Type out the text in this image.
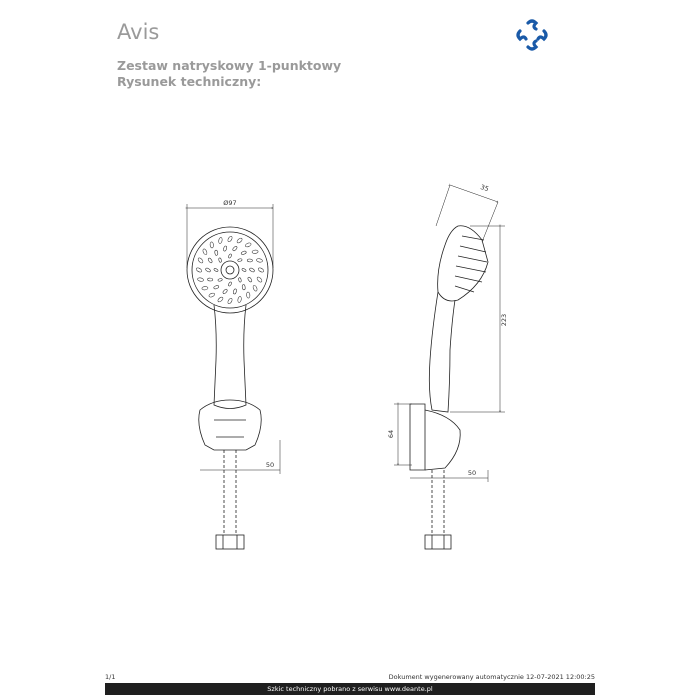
Avis
Zestaw natryskowy 1-punktowy
Rysunek techniczny:
Ø97
50
35
223
64
50
1/1	Dokument wygenerowany automatycznie 12-07-2021 12:00:25
Szkic techniczny pobrano z serwisu www.deante.pl
